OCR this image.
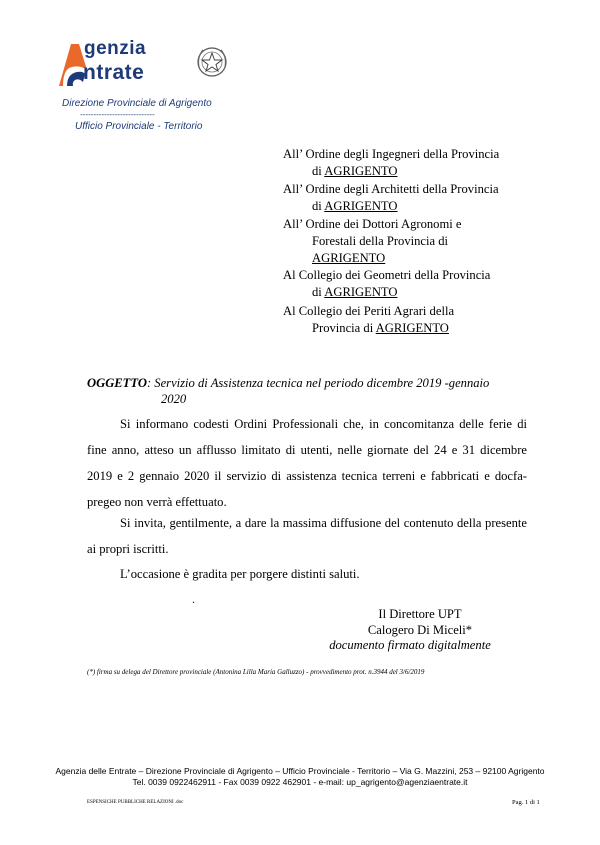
genzia
ntrate
Direzione Provinciale di Agrigento
----------------------------
Ufficio Provinciale - Territorio
All’ Ordine degli Ingegneri della Provincia
di AGRIGENTO
All’ Ordine degli Architetti della Provincia
di AGRIGENTO
All’ Ordine dei Dottori Agronomi e
Forestali della Provincia di
AGRIGENTO
Al Collegio dei Geometri della Provincia
di AGRIGENTO
Al Collegio dei Periti Agrari della
Provincia di AGRIGENTO
OGGETTO: Servizio di Assistenza tecnica nel periodo dicembre 2019 -gennaio
2020
Si informano codesti Ordini Professionali che, in concomitanza delle ferie di fine anno, atteso un afflusso limitato di utenti, nelle giornate del 24 e 31 dicembre 2019 e 2 gennaio 2020 il servizio di assistenza tecnica terreni e fabbricati e docfa-pregeo non verrà effettuato.
Si invita, gentilmente, a dare la massima diffusione del contenuto della presente ai propri iscritti.
L’occasione è gradita per porgere distinti saluti.
.
Il Direttore UPT
Calogero Di Miceli*
documento firmato digitalmente
(*) firma su delega del Direttore provinciale (Antonina Lilla Maria Galluzzo) - provvedimento prot. n.3944 del 3/6/2019
Agenzia delle Entrate – Direzione Provinciale di Agrigento – Ufficio Provinciale - Territorio – Via G. Mazzini, 253 – 92100 Agrigento
Tel. 0039 0922462911 - Fax 0039 0922 462901 - e-mail: up_agrigento@agenziaentrate.it
ESPENSICHE PUBBLICHE RELAZIONI .doc	Pag. 1 di 1
